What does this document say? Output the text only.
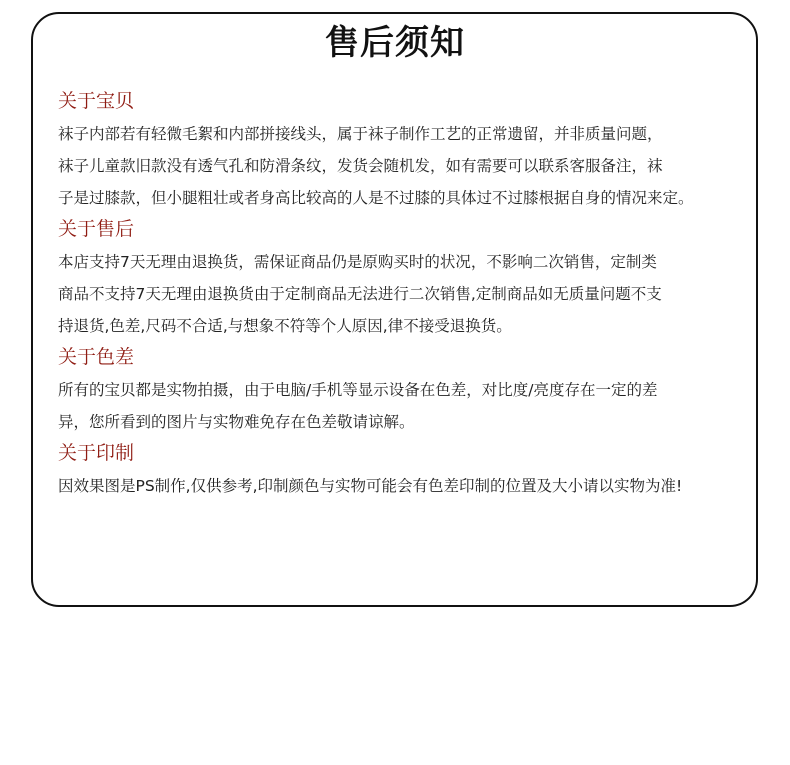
售后须知
关于宝贝

袜子内部若有轻微毛絮和内部拼接线头，属于袜子制作工艺的正常遗留，并非质量问题，

袜子儿童款旧款没有透气孔和防滑条纹，发货会随机发，如有需要可以联系客服备注，袜

子是过膝款，但小腿粗壮或者身高比较高的人是不过膝的具体过不过膝根据自身的情况来定。

关于售后

本店支持7天无理由退换货，需保证商品仍是原购买时的状况，不影响二次销售，定制类

商品不支持7天无理由退换货由于定制商品无法进行二次销售,定制商品如无质量问题不支

持退货,色差,尺码不合适,与想象不符等个人原因,律不接受退换货。

关于色差

所有的宝贝都是实物拍摄，由于电脑/手机等显示设备在色差，对比度/亮度存在一定的差

异，您所看到的图片与实物难免存在色差敬请谅解。

关于印制

因效果图是PS制作,仅供参考,印制颜色与实物可能会有色差印制的位置及大小请以实物为准!
